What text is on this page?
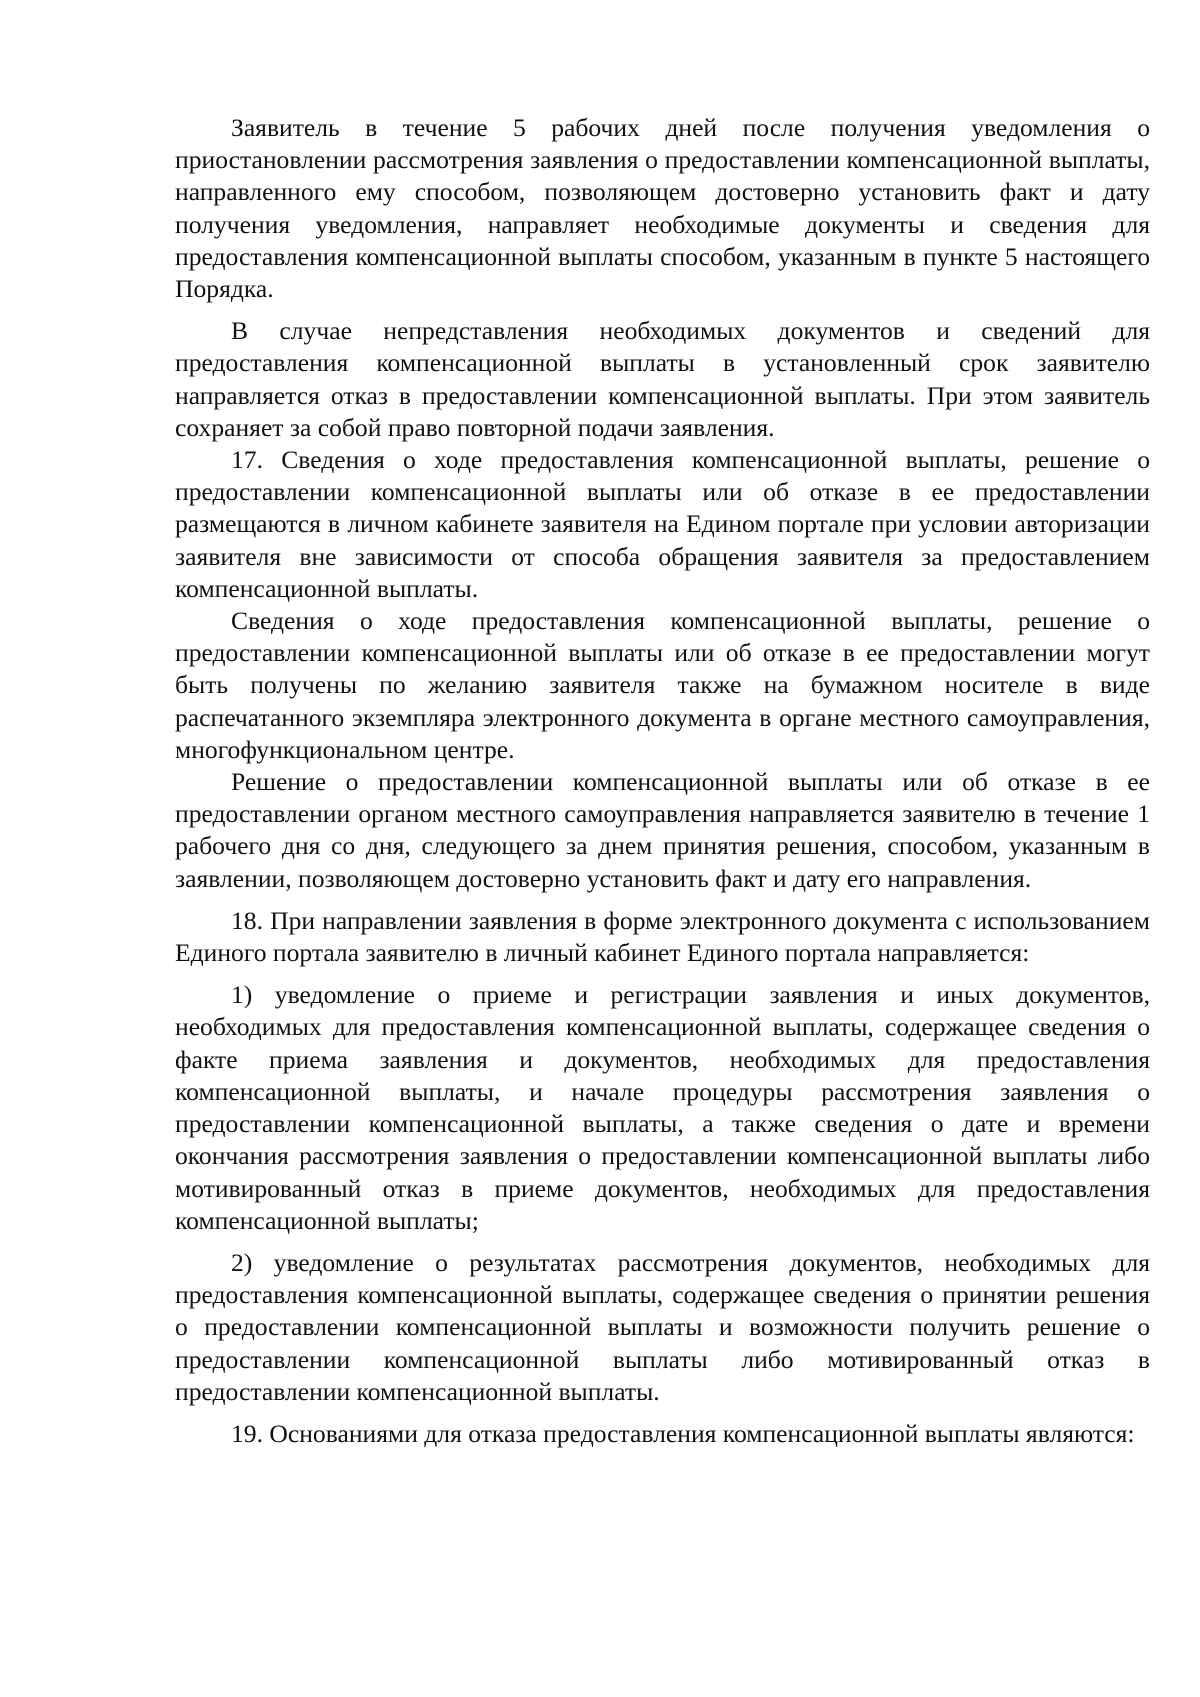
Заявитель в течение 5 рабочих дней после получения уведомления о приостановлении рассмотрения заявления о предоставлении компенсационной выплаты, направленного ему способом, позволяющем достоверно установить факт и дату получения уведомления, направляет необходимые документы и сведения для предоставления компенсационной выплаты способом, указанным в пункте 5 настоящего Порядка.

В случае непредставления необходимых документов и сведений для предоставления компенсационной выплаты в установленный срок заявителю направляется отказ в предоставлении компенсационной выплаты. При этом заявитель сохраняет за собой право повторной подачи заявления.

17. Сведения о ходе предоставления компенсационной выплаты, решение о предоставлении компенсационной выплаты или об отказе в ее предоставлении размещаются в личном кабинете заявителя на Едином портале при условии авторизации заявителя вне зависимости от способа обращения заявителя за предоставлением компенсационной выплаты.

Сведения о ходе предоставления компенсационной выплаты, решение о предоставлении компенсационной выплаты или об отказе в ее предоставлении могут быть получены по желанию заявителя также на бумажном носителе в виде распечатанного экземпляра электронного документа в органе местного самоуправления, многофункциональном центре.

Решение о предоставлении компенсационной выплаты или об отказе в ее предоставлении органом местного самоуправления направляется заявителю в течение 1 рабочего дня со дня, следующего за днем принятия решения, способом, указанным в заявлении, позволяющем достоверно установить факт и дату его направления.

18. При направлении заявления в форме электронного документа с использованием Единого портала заявителю в личный кабинет Единого портала направляется:

1) уведомление о приеме и регистрации заявления и иных документов, необходимых для предоставления компенсационной выплаты, содержащее сведения о факте приема заявления и документов, необходимых для предоставления компенсационной выплаты, и начале процедуры рассмотрения заявления о предоставлении компенсационной выплаты, а также сведения о дате и времени окончания рассмотрения заявления о предоставлении компенсационной выплаты либо мотивированный отказ в приеме документов, необходимых для предоставления компенсационной выплаты;

2) уведомление о результатах рассмотрения документов, необходимых для предоставления компенсационной выплаты, содержащее сведения о принятии решения о предоставлении компенсационной выплаты и возможности получить решение о предоставлении компенсационной выплаты либо мотивированный отказ в предоставлении компенсационной выплаты.

19. Основаниями для отказа предоставления компенсационной выплаты являются:
